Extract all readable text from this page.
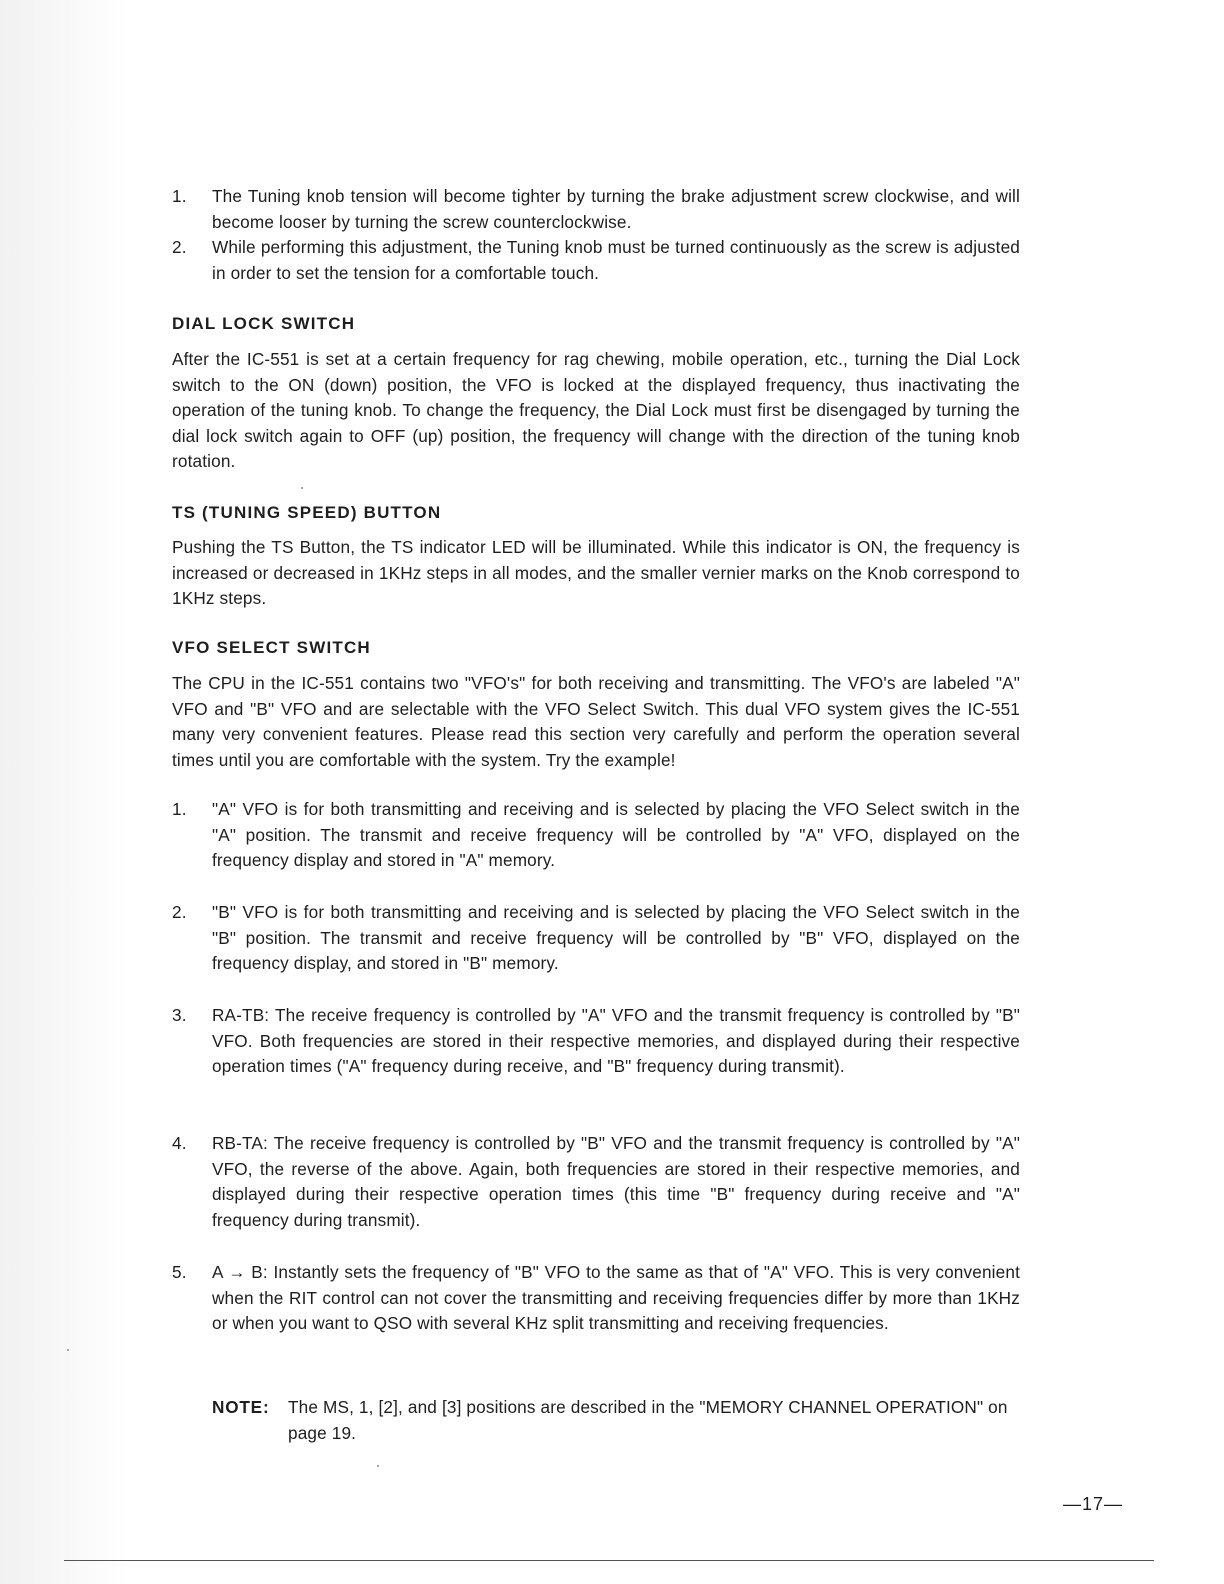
1.	The Tuning knob tension will become tighter by turning the brake adjustment screw clockwise, and will become looser by turning the screw counterclockwise.
2.	While performing this adjustment, the Tuning knob must be turned continuously as the screw is adjusted in order to set the tension for a comfortable touch.
DIAL LOCK SWITCH

After the IC-551 is set at a certain frequency for rag chewing, mobile operation, etc., turning the Dial Lock switch to the ON (down) position, the VFO is locked at the displayed frequency, thus inactivating the operation of the tuning knob. To change the frequency, the Dial Lock must first be disengaged by turning the dial lock switch again to OFF (up) position, the frequency will change with the direction of the tuning knob rotation.

TS (TUNING SPEED) BUTTON

Pushing the TS Button, the TS indicator LED will be illuminated. While this indicator is ON, the frequency is increased or decreased in 1KHz steps in all modes, and the smaller vernier marks on the Knob correspond to 1KHz steps.

VFO SELECT SWITCH

The CPU in the IC-551 contains two "VFO's" for both receiving and transmitting. The VFO's are labeled "A" VFO and "B" VFO and are selectable with the VFO Select Switch. This dual VFO system gives the IC-551 many very convenient features. Please read this section very carefully and perform the operation several times until you are comfortable with the system. Try the example!

1.	"A" VFO is for both transmitting and receiving and is selected by placing the VFO Select switch in the "A" position. The transmit and receive frequency will be controlled by "A" VFO, displayed on the frequency display and stored in "A" memory.
2.	"B" VFO is for both transmitting and receiving and is selected by placing the VFO Select switch in the "B" position. The transmit and receive frequency will be controlled by "B" VFO, displayed on the frequency display, and stored in "B" memory.
3.	RA-TB: The receive frequency is controlled by "A" VFO and the transmit frequency is controlled by "B" VFO. Both frequencies are stored in their respective memories, and displayed during their respective operation times ("A" frequency during receive, and "B" frequency during transmit).
4.	RB-TA: The receive frequency is controlled by "B" VFO and the transmit frequency is controlled by "A" VFO, the reverse of the above. Again, both frequencies are stored in their respective memories, and displayed during their respective operation times (this time "B" frequency during receive and "A" frequency during transmit).
5.	A → B: Instantly sets the frequency of "B" VFO to the same as that of "A" VFO. This is very convenient when the RIT control can not cover the transmitting and receiving frequencies differ by more than 1KHz or when you want to QSO with several KHz split transmitting and receiving frequencies.
NOTE:	The MS, 1, [2], and [3] positions are described in the "MEMORY CHANNEL OPERATION" on page 19.
—17—
